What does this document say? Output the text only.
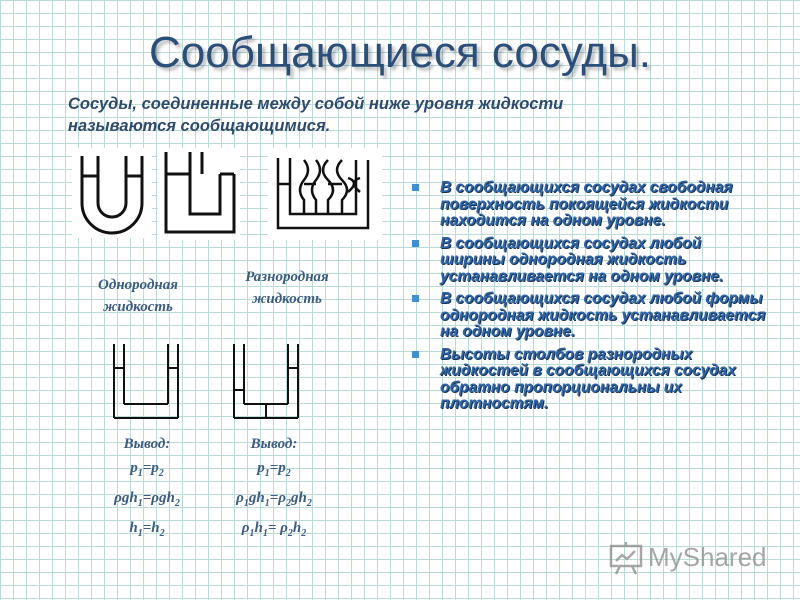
Сообщающиеся сосуды.
Сосуды, соединенные между собой ниже уровня жидкости
называются сообщающимися.
Однородная
жидкость
Разнородная
жидкость
Вывод:
$p_1=p_2$
ρgh$_1$=ρgh$_2$
$h_1=h_2$
Вывод:
$p_1=p_2$
$\rho_1gh_1=\rho_2gh_2$
$\rho_1h_1= \rho_2h_2$
В сообщающихся сосудах свободная поверхность покоящейся жидкости находится на одном уровне.
В сообщающихся сосудах любой ширины однородная жидкость устанавливается на одном уровне.
В сообщающихся сосудах любой формы однородная жидкость устанавливается на одном уровне.
Высоты столбов разнородных жидкостей в сообщающихся сосудах обратно пропорциональны их плотностям.
MyShared
